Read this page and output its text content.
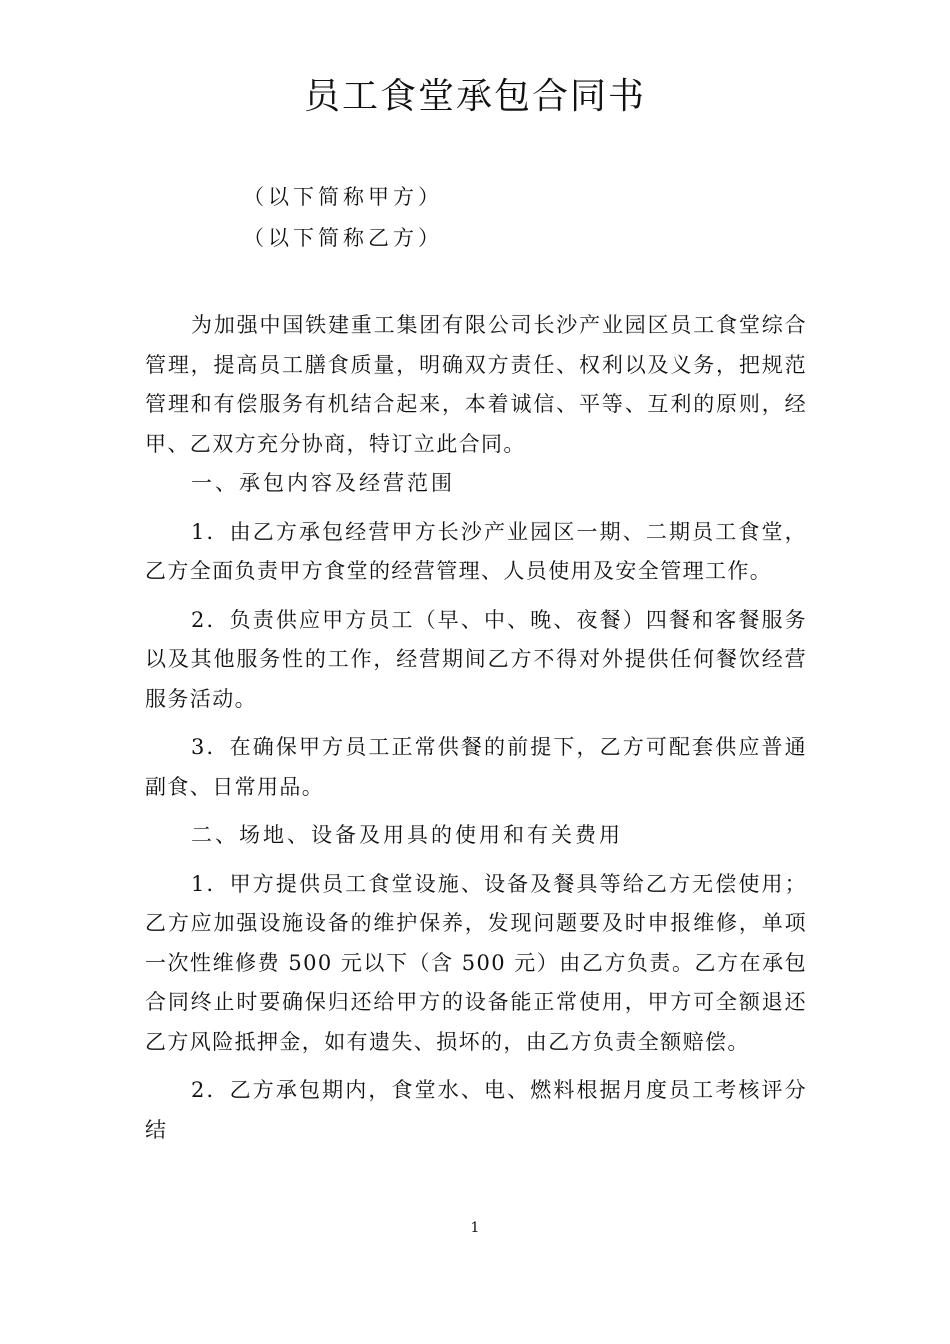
员工食堂承包合同书
（以下简称甲方）
（以下简称乙方）

为加强中国铁建重工集团有限公司长沙产业园区员工食堂综合管理，提高员工膳食质量，明确双方责任、权利以及义务，把规范管理和有偿服务有机结合起来，本着诚信、平等、互利的原则，经甲、乙双方充分协商，特订立此合同。

一、承包内容及经营范围

1．由乙方承包经营甲方长沙产业园区一期、二期员工食堂，乙方全面负责甲方食堂的经营管理、人员使用及安全管理工作。

2．负责供应甲方员工（早、中、晚、夜餐）四餐和客餐服务以及其他服务性的工作，经营期间乙方不得对外提供任何餐饮经营服务活动。

3．在确保甲方员工正常供餐的前提下，乙方可配套供应普通副食、日常用品。

二、场地、设备及用具的使用和有关费用

1．甲方提供员工食堂设施、设备及餐具等给乙方无偿使用；乙方应加强设施设备的维护保养，发现问题要及时申报维修，单项一次性维修费 500 元以下（含 500 元）由乙方负责。乙方在承包合同终止时要确保归还给甲方的设备能正常使用，甲方可全额退还乙方风险抵押金，如有遗失、损坏的，由乙方负责全额赔偿。

2．乙方承包期内，食堂水、电、燃料根据月度员工考核评分结

1
